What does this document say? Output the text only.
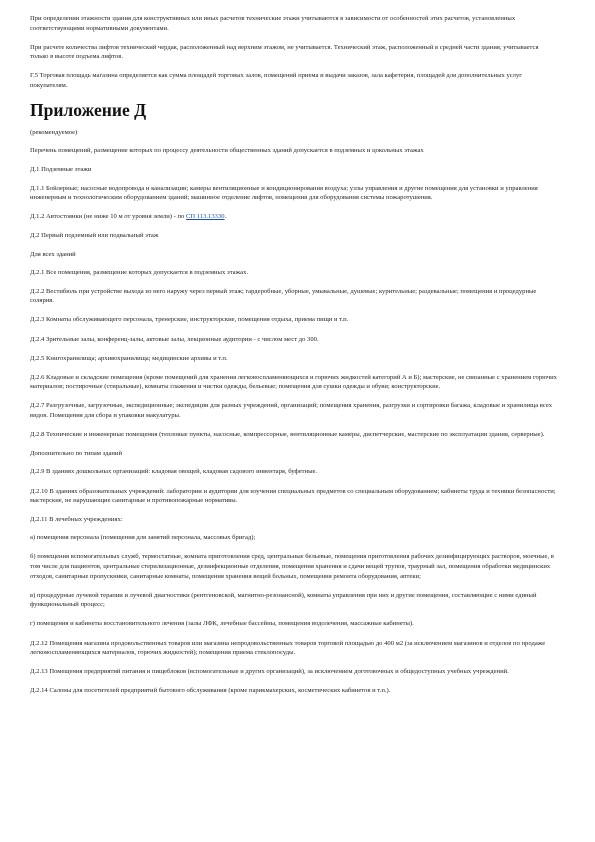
При определении этажности здания для конструктивных или иных расчетов технические этажи учитываются в зависимости от особенностей этих расчетов, установленных соответствующими нормативными документами.

При расчете количества лифтов технический чердак, расположенный над верхним этажом, не учитывается. Технический этаж, расположенный в средней части здания, учитывается только в высоте подъема лифтов.

Г.5 Торговая площадь магазина определяется как сумма площадей торговых залов, помещений приема и выдачи заказов, зала кафетерия, площадей для дополнительных услуг покупателям.

Приложение Д

(рекомендуемое)

Перечень помещений, размещение которых по процессу деятельности общественных зданий допускается в подземных и цокольных этажах

Д.1 Подземные этажи

Д.1.1 Бойлерные; насосные водопровода и канализации; камеры вентиляционные и кондиционирования воздуха; узлы управления и другие помещения для установки и управления инженерным и технологическим оборудованием зданий; машинное отделение лифтов, помещения для оборудования системы пожаротушения.

Д.1.2 Автостоянки (не ниже 10 м от уровня земли) - по СП 113.13330.

Д.2 Первый подземный или подвальный этаж

Для всех зданий

Д.2.1 Все помещения, размещение которых допускается в подземных этажах.

Д.2.2 Вестибюль при устройстве выхода из него наружу через первый этаж; гардеробные, уборные, умывальные, душевые; курительные; раздевальные; помещения и процедурные солярия.

Д.2.3 Комнаты обслуживающего персонала, тренерские, инструкторские, помещения отдыха, приема пищи и т.п.

Д.2.4 Зрительные залы, конференц-залы, актовые залы, лекционные аудитории - с числом мест до 300.

Д.2.5 Книгохранилища; архивохранилища; медицинские архивы и т.п.

Д.2.6 Кладовые и складские помещения (кроме помещений для хранения легковоспламеняющихся и горючих жидкостей категорий А и Б); мастерские, не связанные с хранением горючих материалов; постирочные (стиральные), комнаты глажения и чистки одежды, бельевые; помещения для сушки одежды и обуви; конструкторские.

Д.2.7 Разгрузочные, загрузочные, экспедиционные; экспедиции для разных учреждений, организаций; помещения хранения, разгрузки и сортировки багажа, кладовые и хранилища всех видов. Помещения для сбора и упаковки макулатуры.

Д.2.8 Технические и инженерные помещения (тепловые пункты, насосные, компрессорные, вентиляционные камеры, диспетчерские, мастерские по эксплуатации здания, серверные).

Дополнительно по типам зданий

Д.2.9 В зданиях дошкольных организаций: кладовая овощей, кладовая садового инвентаря, буфетные.

Д.2.10 В зданиях образовательных учреждений: лаборатории и аудитории для изучения специальных предметов со специальным оборудованием; кабинеты труда и техники безопасности; мастерские, не нарушающие санитарные и противопожарные нормативы.

Д.2.11 В лечебных учреждениях:

а) помещения персонала (помещения для занятий персонала, массовых бригад);

б) помещения вспомогательных служб, термостатные, комната приготовления сред, центральные бельевые, помещения приготовления рабочих дезинфицирующих растворов, моечные, в том числе для пациентов, центральные стерилизационные, дезинфекционные отделения, помещения хранения и сдачи вещей трупов, траурный зал, помещения обработки медицинских отходов, санитарные пропускники, санитарные комнаты, помещения хранения вещей больных, помещения ремонта оборудования, аптеки;

в) процедурные лучевой терапии и лучевой диагностики (рентгеновской, магнитно-резонансной), комнаты управления при них и другие помещения, составляющие с ними единый функциональный процесс;

г) помещения и кабинеты восстановительного лечения (залы ЛФК, лечебные бассейны, помещения водолечения, массажные кабинеты).

Д.2.12 Помещения магазина продовольственных товаров или магазина непродовольственных товаров торговой площадью до 400 м2 (за исключением магазинов и отделов по продаже легковоспламеняющихся материалов, горючих жидкостей); помещения приема стеклопосуды.

Д.2.13 Помещения предприятий питания и пищеблоков (вспомогательные и других организаций), за исключением доготовочных и общедоступных учебных учреждений.

Д.2.14 Салоны для посетителей предприятий бытового обслуживания (кроме парикмахерских, косметических кабинетов и т.п.).
